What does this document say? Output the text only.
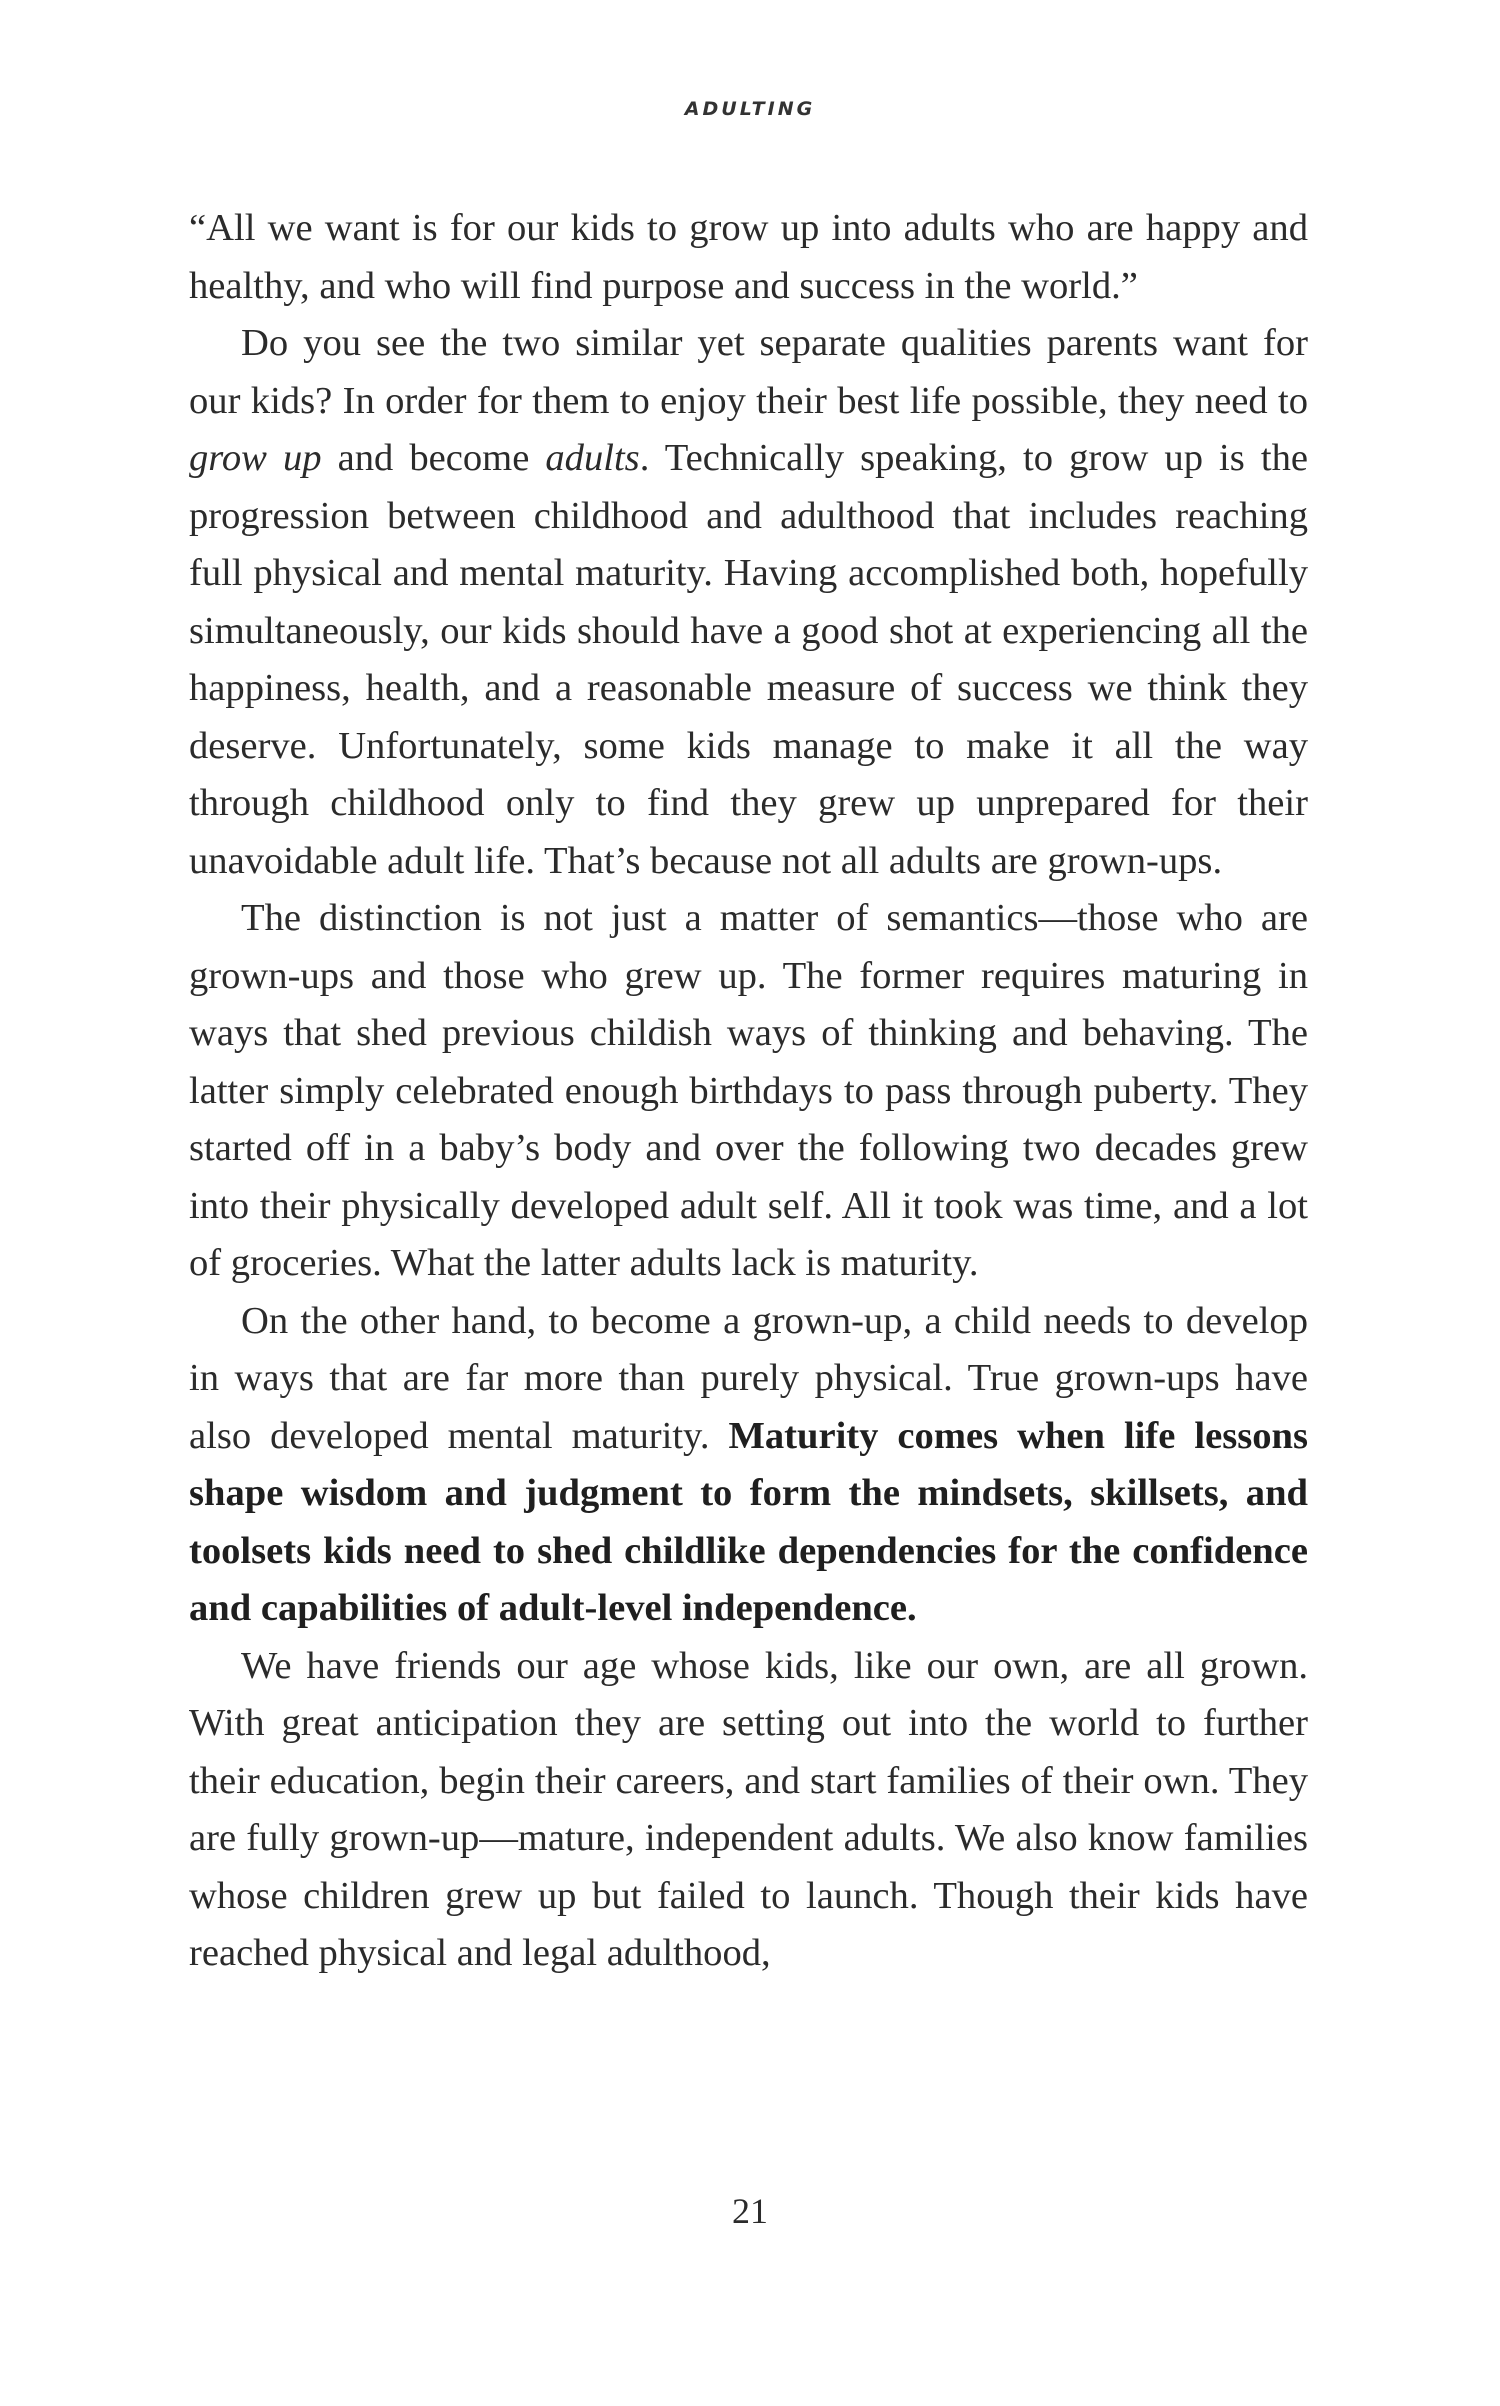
ADULTING

“All we want is for our kids to grow up into adults who are happy and healthy, and who will find purpose and success in the world.”

Do you see the two similar yet separate qualities parents want for our kids? In order for them to enjoy their best life possible, they need to grow up and become adults. Technically speaking, to grow up is the progression between childhood and adulthood that includes reaching full physical and mental maturity. Having accomplished both, hopefully simultaneously, our kids should have a good shot at experiencing all the happiness, health, and a reasonable measure of success we think they deserve. Unfortunately, some kids manage to make it all the way through childhood only to find they grew up unprepared for their unavoidable adult life. That’s because not all adults are grown-ups.

The distinction is not just a matter of semantics—those who are grown-ups and those who grew up. The former requires maturing in ways that shed previous childish ways of thinking and behaving. The latter simply celebrated enough birthdays to pass through puberty. They started off in a baby’s body and over the following two decades grew into their physically developed adult self. All it took was time, and a lot of groceries. What the latter adults lack is maturity.

On the other hand, to become a grown-up, a child needs to develop in ways that are far more than purely physical. True grown-ups have also developed mental maturity. Maturity comes when life lessons shape wisdom and judgment to form the mindsets, skillsets, and toolsets kids need to shed childlike dependencies for the confidence and capabilities of adult-level independence.

We have friends our age whose kids, like our own, are all grown. With great anticipation they are setting out into the world to further their education, begin their careers, and start families of their own. They are fully grown-up—mature, independent adults. We also know families whose children grew up but failed to launch. Though their kids have reached physical and legal adulthood,

21
